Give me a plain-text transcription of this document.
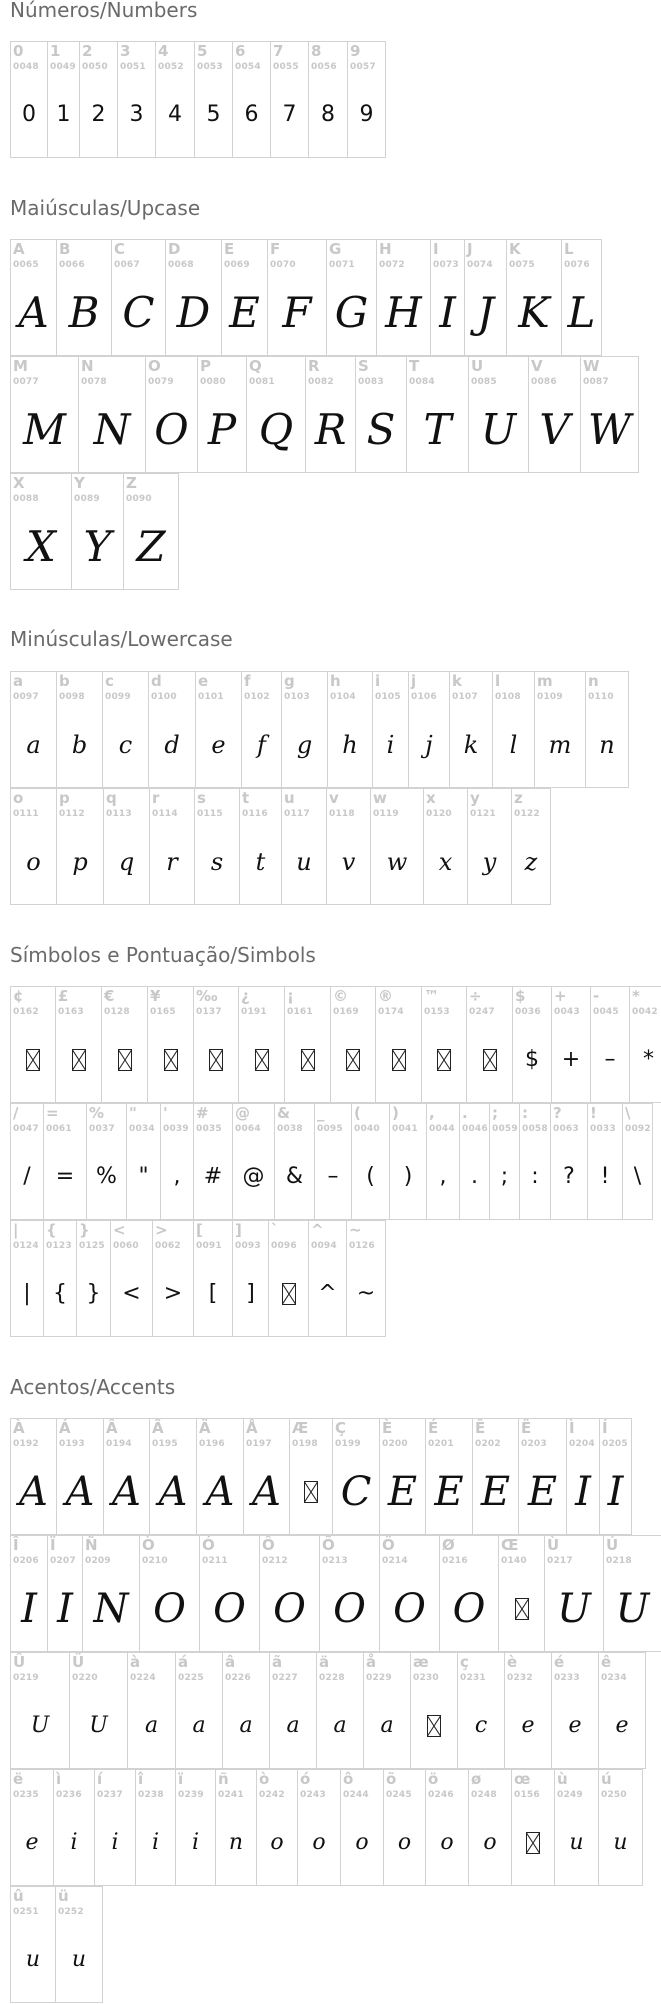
Números/Numbers
Maiúsculas/Upcase
Minúsculas/Lowercase
Símbolos e Pontuação/Simbols
Acentos/Accents
0
0048
0
1
0049
1
2
0050
2
3
0051
3
4
0052
4
5
0053
5
6
0054
6
7
0055
7
8
0056
8
9
0057
9
A
0065
A
B
0066
B
C
0067
C
D
0068
D
E
0069
E
F
0070
F
G
0071
G
H
0072
H
I
0073
I
J
0074
J
K
0075
K
L
0076
L
M
0077
M
N
0078
N
O
0079
O
P
0080
P
Q
0081
Q
R
0082
R
S
0083
S
T
0084
T
U
0085
U
V
0086
V
W
0087
W
X
0088
X
Y
0089
Y
Z
0090
Z
a
0097
a
b
0098
b
c
0099
c
d
0100
d
e
0101
e
f
0102
f
g
0103
g
h
0104
h
i
0105
i
j
0106
j
k
0107
k
l
0108
l
m
0109
m
n
0110
n
o
0111
o
p
0112
p
q
0113
q
r
0114
r
s
0115
s
t
0116
t
u
0117
u
v
0118
v
w
0119
w
x
0120
x
y
0121
y
z
0122
z
¢
0162
£
0163
€
0128
¥
0165
‰
0137
¿
0191
¡
0161
©
0169
®
0174
™
0153
÷
0247
$
0036
$
+
0043
+
-
0045
–
*
0042
*
/
0047
/
=
0061
=
%
0037
%
"
0034
"
'
0039
,
#
0035
#
@
0064
@
&
0038
&
_
0095
–
(
0040
(
)
0041
)
,
0044
,
.
0046
.
;
0059
;
:
0058
:
?
0063
?
!
0033
!
\
0092
\
|
0124
|
{
0123
{
}
0125
}
<
0060
<
>
0062
>
[
0091
[
]
0093
]
`
0096
^
0094
^
~
0126
~
À
0192
A
Á
0193
A
Â
0194
A
Ã
0195
A
Ä
0196
A
Å
0197
A
Æ
0198
Ç
0199
C
È
0200
E
É
0201
E
Ê
0202
E
Ë
0203
E
Ì
0204
I
Í
0205
I
Î
0206
I
Ï
0207
I
Ñ
0209
N
Ò
0210
O
Ó
0211
O
Ô
0212
O
Õ
0213
O
Ö
0214
O
Ø
0216
O
Œ
0140
Ù
0217
U
Ú
0218
U
Û
0219
U
Ü
0220
U
à
0224
a
á
0225
a
â
0226
a
ã
0227
a
ä
0228
a
å
0229
a
æ
0230
ç
0231
c
è
0232
e
é
0233
e
ê
0234
e
ë
0235
e
ì
0236
i
í
0237
i
î
0238
i
ï
0239
i
ñ
0241
n
ò
0242
o
ó
0243
o
ô
0244
o
õ
0245
o
ö
0246
o
ø
0248
o
œ
0156
ù
0249
u
ú
0250
u
û
0251
u
ü
0252
u
